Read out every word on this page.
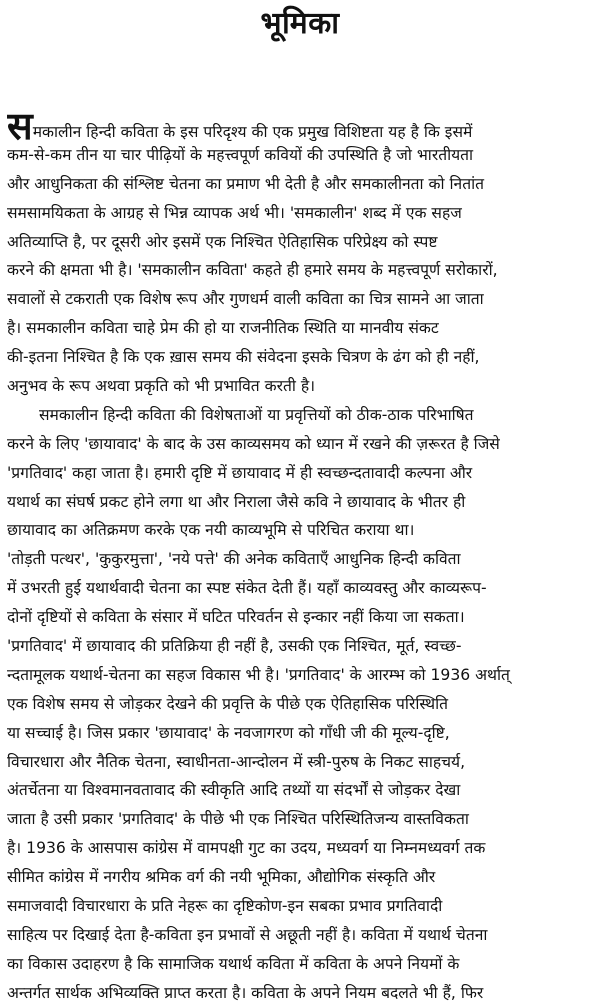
भूमिका
समकालीन हिन्दी कविता के इस परिदृश्य की एक प्रमुख विशिष्टता यह है कि इसमें
कम-से-कम तीन या चार पीढ़ियों के महत्त्वपूर्ण कवियों की उपस्थिति है जो भारतीयता
और आधुनिकता की संश्लिष्ट चेतना का प्रमाण भी देती है और समकालीनता को नितांत
समसामयिकता के आग्रह से भिन्न व्यापक अर्थ भी। 'समकालीन' शब्द में एक सहज
अतिव्याप्ति है, पर दूसरी ओर इसमें एक निश्चित ऐतिहासिक परिप्रेक्ष्य को स्पष्ट
करने की क्षमता भी है। 'समकालीन कविता' कहते ही हमारे समय के महत्त्वपूर्ण सरोकारों,
सवालों से टकराती एक विशेष रूप और गुणधर्म वाली कविता का चित्र सामने आ जाता
है। समकालीन कविता चाहे प्रेम की हो या राजनीतिक स्थिति या मानवीय संकट
की-इतना निश्चित है कि एक ख़ास समय की संवेदना इसके चित्रण के ढंग को ही नहीं,
अनुभव के रूप अथवा प्रकृति को भी प्रभावित करती है।
समकालीन हिन्दी कविता की विशेषताओं या प्रवृत्तियों को ठीक-ठाक परिभाषित
करने के लिए 'छायावाद' के बाद के उस काव्यसमय को ध्यान में रखने की ज़रूरत है जिसे
'प्रगतिवाद' कहा जाता है। हमारी दृष्टि में छायावाद में ही स्वच्छन्दतावादी कल्पना और
यथार्थ का संघर्ष प्रकट होने लगा था और निराला जैसे कवि ने छायावाद के भीतर ही
छायावाद का अतिक्रमण करके एक नयी काव्यभूमि से परिचित कराया था।
'तोड़ती पत्थर', 'कुकुरमुत्ता', 'नये पत्ते' की अनेक कविताएँ आधुनिक हिन्दी कविता
में उभरती हुई यथार्थवादी चेतना का स्पष्ट संकेत देती हैं। यहाँ काव्यवस्तु और काव्यरूप-
दोनों दृष्टियों से कविता के संसार में घटित परिवर्तन से इन्कार नहीं किया जा सकता।
'प्रगतिवाद' में छायावाद की प्रतिक्रिया ही नहीं है, उसकी एक निश्चित, मूर्त, स्वच्छ-
न्दतामूलक यथार्थ-चेतना का सहज विकास भी है। 'प्रगतिवाद' के आरम्भ को 1936 अर्थात्
एक विशेष समय से जोड़कर देखने की प्रवृत्ति के पीछे एक ऐतिहासिक परिस्थिति
या सच्चाई है। जिस प्रकार 'छायावाद' के नवजागरण को गाँधी जी की मूल्य-दृष्टि,
विचारधारा और नैतिक चेतना, स्वाधीनता-आन्दोलन में स्त्री-पुरुष के निकट साहचर्य,
अंतर्चेतना या विश्वमानवतावाद की स्वीकृति आदि तथ्यों या संदर्भों से जोड़कर देखा
जाता है उसी प्रकार 'प्रगतिवाद' के पीछे भी एक निश्चित परिस्थितिजन्य वास्तविकता
है। 1936 के आसपास कांग्रेस में वामपक्षी गुट का उदय, मध्यवर्ग या निम्नमध्यवर्ग तक
सीमित कांग्रेस में नगरीय श्रमिक वर्ग की नयी भूमिका, औद्योगिक संस्कृति और
समाजवादी विचारधारा के प्रति नेहरू का दृष्टिकोण-इन सबका प्रभाव प्रगतिवादी
साहित्य पर दिखाई देता है-कविता इन प्रभावों से अछूती नहीं है। कविता में यथार्थ चेतना
का विकास उदाहरण है कि सामाजिक यथार्थ कविता में कविता के अपने नियमों के
अन्तर्गत सार्थक अभिव्यक्ति प्राप्त करता है। कविता के अपने नियम बदलते भी हैं, फिर
